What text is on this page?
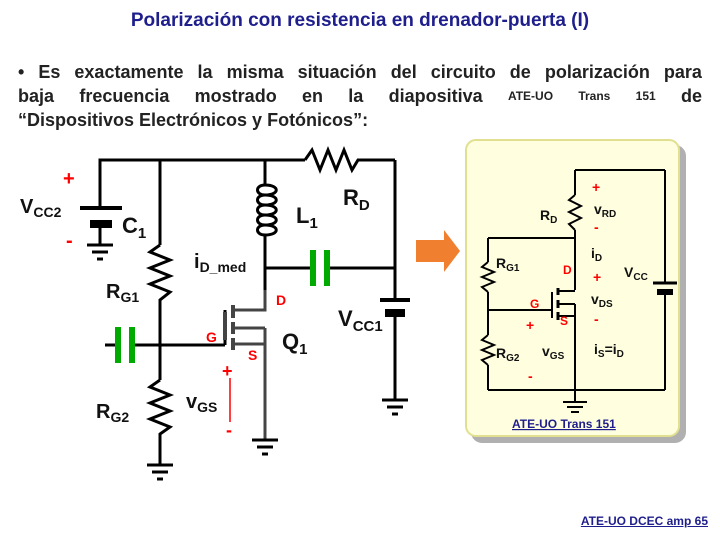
Polarización con resistencia en drenador-puerta (I)
• Es exactamente la misma situación del circuito de polarización para
baja frecuencia mostrado en la diapositiva ATE-UO Trans 151 de
“Dispositivos Electrónicos y Fotónicos”:
+
-
$V_{CC2}$
$C_1$
$L_1$
$R_D$
$i_{D\_med}$
$R_{G1}$
$R_{G2}$
D
G
S
$Q_1$
$V_{CC1}$
+
-
$v_{GS}$
+
-
$R_D$
$v_{RD}$
$i_D$
$R_{G1}$	D
G
S
+
-
$V_{CC}$
$v_{DS}$
+
-
$R_{G2}$ $v_{GS}$ $i_S=i_D$
ATE-UO Trans 151
ATE-UO DCEC amp 65
